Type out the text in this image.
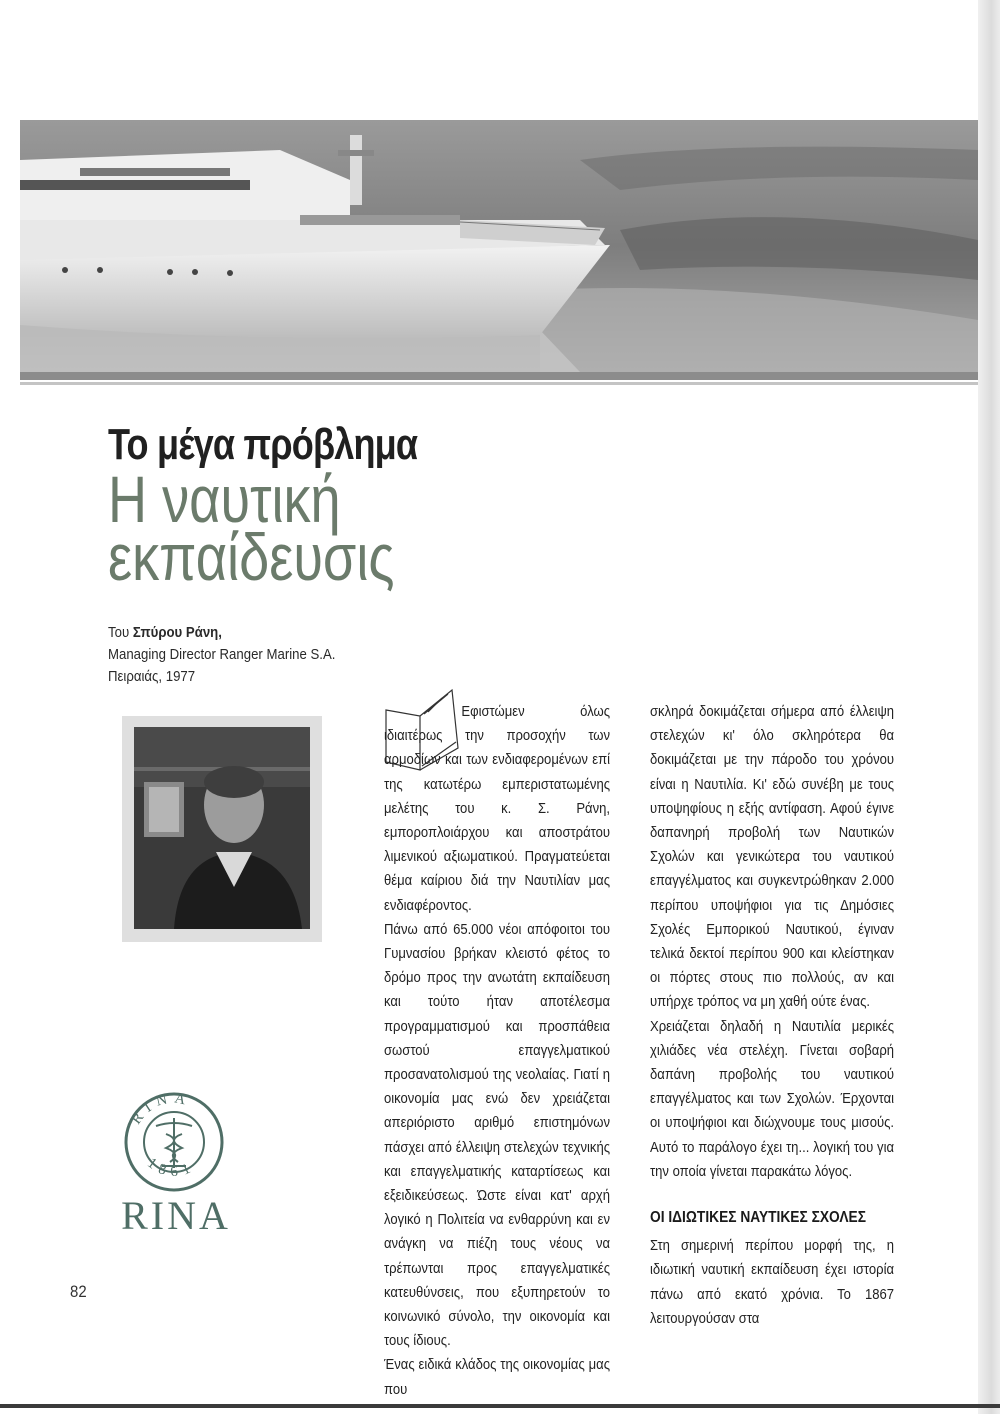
Το μέγα πρόβλημα
Η ναυτική
εκπαίδευσις
Του Σπύρου Ράνη,
Managing Director Ranger Marine S.A.
Πειραιάς, 1977
RINA
1861

RINA

Εφιστώμεν όλως ιδιαιτέρως την προσοχήν των αρμοδίων και των ενδιαφερομένων επί της κατωτέρω εμπεριστατωμένης μελέτης του κ. Σ. Ράνη, εμποροπλοιάρχου και αποστράτου λιμενικού αξιωματικού. Πραγματεύεται θέμα καίριου διά την Ναυτιλίαν μας ενδιαφέροντος.

Πάνω από 65.000 νέοι απόφοιτοι του Γυμνασίου βρήκαν κλειστό φέτος το δρόμο προς την ανωτάτη εκπαίδευση και τούτο ήταν αποτέλεσμα προγραμματισμού και προσπάθεια σωστού επαγγελματικού προσανατολισμού της νεολαίας. Γιατί η οικονομία μας ενώ δεν χρειάζεται απεριόριστο αριθμό επιστημόνων πάσχει από έλλειψη στελεχών τεχνικής και επαγγελματικής καταρτίσεως και εξειδικεύσεως. Ώστε είναι κατ' αρχή λογικό η Πολιτεία να ενθαρρύνη και εν ανάγκη να πιέζη τους νέους να τρέπωνται προς επαγγελματικές κατευθύνσεις, που εξυπηρετούν το κοινωνικό σύνολο, την οικονομία και τους ίδιους.

Ένας ειδικά κλάδος της οικονομίας μας που

σκληρά δοκιμάζεται σήμερα από έλλειψη στελεχών κι' όλο σκληρότερα θα δοκιμάζεται με την πάροδο του χρόνου είναι η Ναυτιλία. Κι' εδώ συνέβη με τους υποψηφίους η εξής αντίφαση. Αφού έγινε δαπανηρή προβολή των Ναυτικών Σχολών και γενικώτερα του ναυτικού επαγγέλματος και συγκεντρώθηκαν 2.000 περίπου υποψήφιοι για τις Δημόσιες Σχολές Εμπορικού Ναυτικού, έγιναν τελικά δεκτοί περίπου 900 και κλείστηκαν οι πόρτες στους πιο πολλούς, αν και υπήρχε τρόπος να μη χαθή ούτε ένας.

Χρειάζεται δηλαδή η Ναυτιλία μερικές χιλιάδες νέα στελέχη. Γίνεται σοβαρή δαπάνη προβολής του ναυτικού επαγγέλματος και των Σχολών. Έρχονται οι υποψήφιοι και διώχνουμε τους μισούς. Αυτό το παράλογο έχει τη... λογική του για την οποία γίνεται παρακάτω λόγος.

ΟΙ ΙΔΙΩΤΙΚΕΣ ΝΑΥΤΙΚΕΣ ΣΧΟΛΕΣ

Στη σημερινή περίπου μορφή της, η ιδιωτική ναυτική εκπαίδευση έχει ιστορία πάνω από εκατό χρόνια. Το 1867 λειτουργούσαν στα

82
